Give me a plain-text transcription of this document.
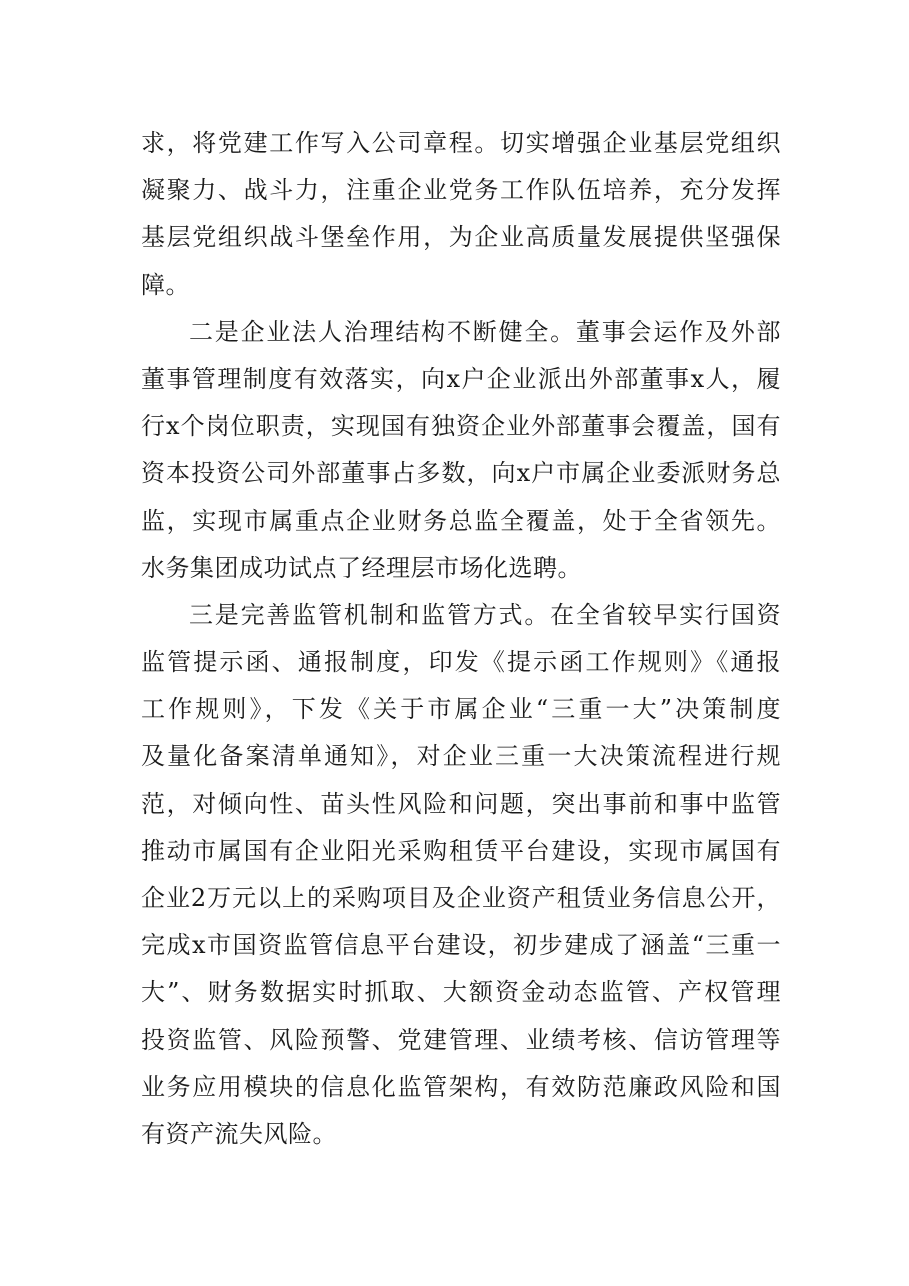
求，将党建工作写入公司章程。切实增强企业基层党组织
凝聚力、战斗力，注重企业党务工作队伍培养，充分发挥
基层党组织战斗堡垒作用，为企业高质量发展提供坚强保
障。
二是企业法人治理结构不断健全。董事会运作及外部
董事管理制度有效落实，向x户企业派出外部董事x人，履
行x个岗位职责，实现国有独资企业外部董事会覆盖，国有
资本投资公司外部董事占多数，向x户市属企业委派财务总
监，实现市属重点企业财务总监全覆盖，处于全省领先。
水务集团成功试点了经理层市场化选聘。
三是完善监管机制和监管方式。在全省较早实行国资
监管提示函、通报制度，印发《提示函工作规则》《通报
工作规则》，下发《关于市属企业“三重一大”决策制度
及量化备案清单通知》，对企业三重一大决策流程进行规
范，对倾向性、苗头性风险和问题，突出事前和事中监管
推动市属国有企业阳光采购租赁平台建设，实现市属国有
企业2万元以上的采购项目及企业资产租赁业务信息公开，
完成x市国资监管信息平台建设，初步建成了涵盖“三重一
大”、财务数据实时抓取、大额资金动态监管、产权管理
投资监管、风险预警、党建管理、业绩考核、信访管理等
业务应用模块的信息化监管架构，有效防范廉政风险和国
有资产流失风险。
